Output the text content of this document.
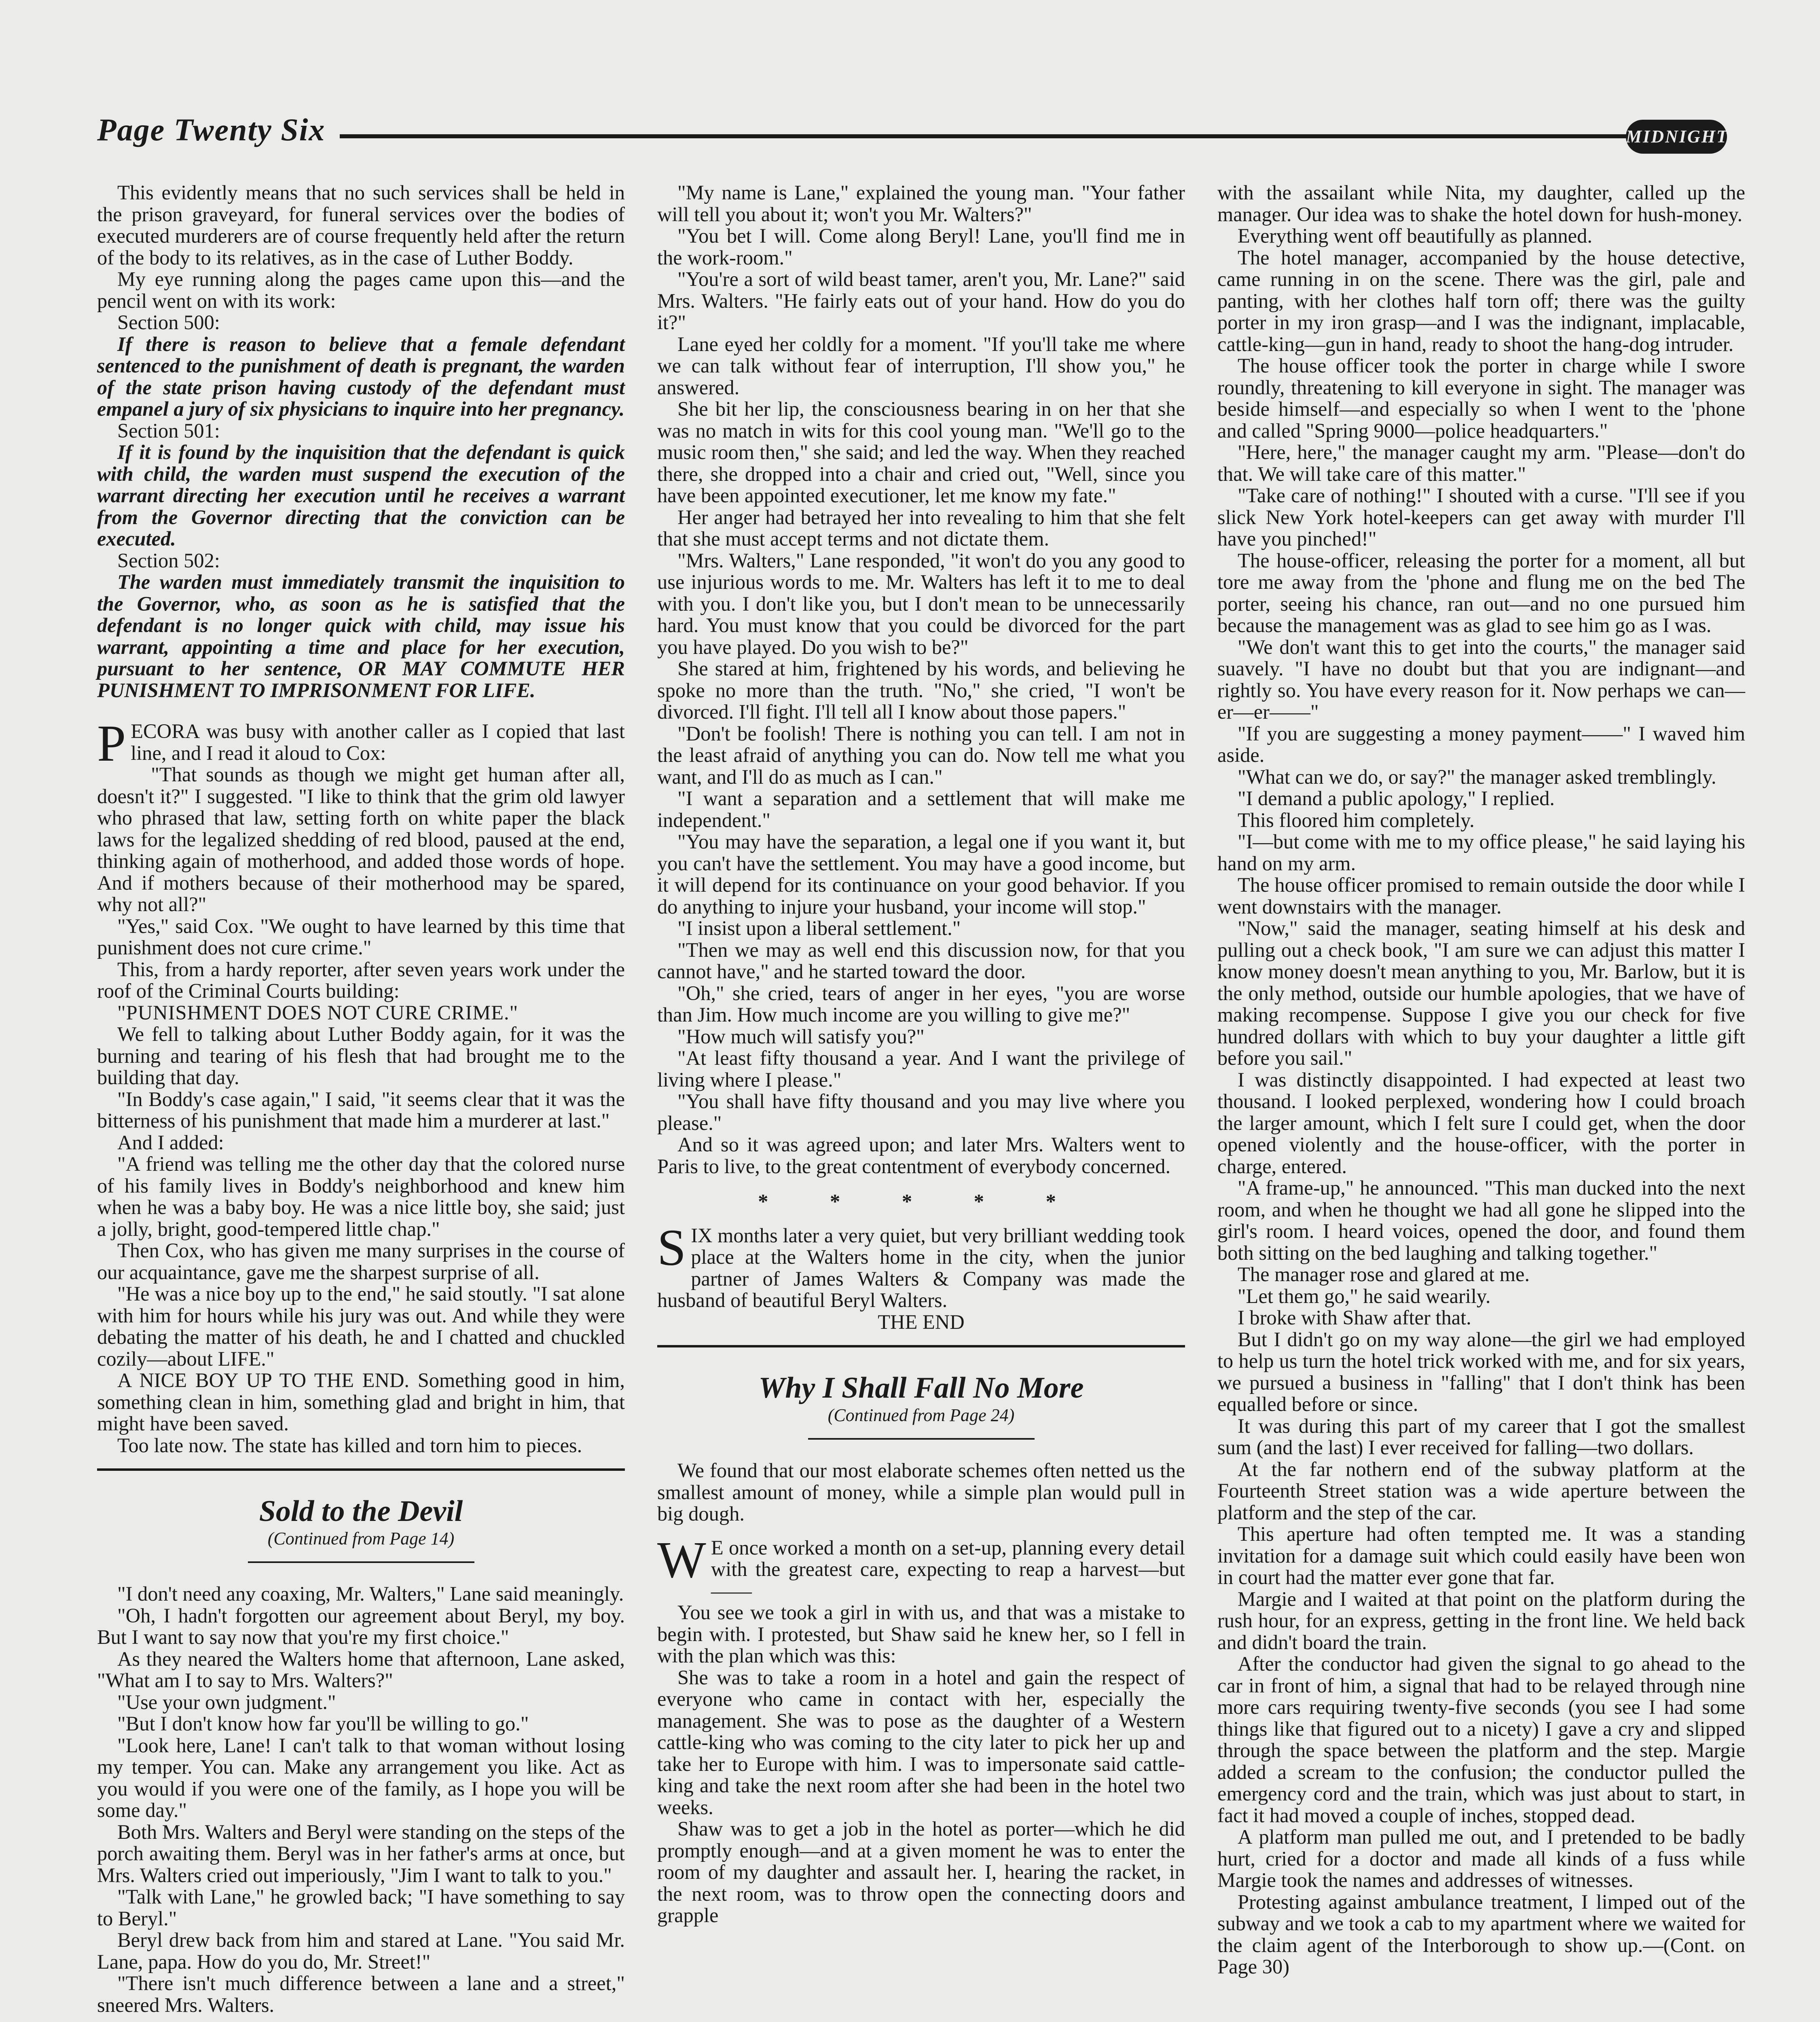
Page Twenty Six	MIDNIGHT

This evidently means that no such services shall be held in the prison graveyard, for funeral services over the bodies of executed murderers are of course frequently held after the return of the body to its relatives, as in the case of Luther Boddy.

My eye running along the pages came upon this—and the pencil went on with its work:

Section 500:

If there is reason to believe that a female defendant sentenced to the punishment of death is pregnant, the warden of the state prison having custody of the defendant must empanel a jury of six physicians to inquire into her pregnancy.

Section 501:

If it is found by the inquisition that the defendant is quick with child, the warden must suspend the execution of the warrant directing her execution until he receives a warrant from the Governor directing that the conviction can be executed.

Section 502:

The warden must immediately transmit the inquisition to the Governor, who, as soon as he is satisfied that the defendant is no longer quick with child, may issue his warrant, appointing a time and place for her execution, pursuant to her sentence, OR MAY COMMUTE HER PUNISHMENT TO IMPRISONMENT FOR LIFE.

PECORA was busy with another caller as I copied that last line, and I read it aloud to Cox:

"That sounds as though we might get human after all, doesn't it?" I suggested. "I like to think that the grim old lawyer who phrased that law, setting forth on white paper the black laws for the legalized shedding of red blood, paused at the end, thinking again of motherhood, and added those words of hope. And if mothers because of their motherhood may be spared, why not all?"

"Yes," said Cox. "We ought to have learned by this time that punishment does not cure crime."

This, from a hardy reporter, after seven years work under the roof of the Criminal Courts building:

"PUNISHMENT DOES NOT CURE CRIME."

We fell to talking about Luther Boddy again, for it was the burning and tearing of his flesh that had brought me to the building that day.

"In Boddy's case again," I said, "it seems clear that it was the bitterness of his punishment that made him a murderer at last."

And I added:

"A friend was telling me the other day that the colored nurse of his family lives in Boddy's neighborhood and knew him when he was a baby boy. He was a nice little boy, she said; just a jolly, bright, good-tempered little chap."

Then Cox, who has given me many surprises in the course of our acquaintance, gave me the sharpest surprise of all.

"He was a nice boy up to the end," he said stoutly. "I sat alone with him for hours while his jury was out. And while they were debating the matter of his death, he and I chatted and chuckled cozily—about LIFE."

A NICE BOY UP TO THE END. Something good in him, something clean in him, something glad and bright in him, that might have been saved.

Too late now. The state has killed and torn him to pieces.

Sold to the Devil
(Continued from Page 14)

"I don't need any coaxing, Mr. Walters," Lane said meaningly.

"Oh, I hadn't forgotten our agreement about Beryl, my boy. But I want to say now that you're my first choice."

As they neared the Walters home that afternoon, Lane asked, "What am I to say to Mrs. Walters?"

"Use your own judgment."

"But I don't know how far you'll be willing to go."

"Look here, Lane! I can't talk to that woman without losing my temper. You can. Make any arrangement you like. Act as you would if you were one of the family, as I hope you will be some day."

Both Mrs. Walters and Beryl were standing on the steps of the porch awaiting them. Beryl was in her father's arms at once, but Mrs. Walters cried out imperiously, "Jim I want to talk to you."

"Talk with Lane," he growled back; "I have something to say to Beryl."

Beryl drew back from him and stared at Lane. "You said Mr. Lane, papa. How do you do, Mr. Street!"

"There isn't much difference between a lane and a street," sneered Mrs. Walters.

"My name is Lane," explained the young man. "Your father will tell you about it; won't you Mr. Walters?"

"You bet I will. Come along Beryl! Lane, you'll find me in the work-room."

"You're a sort of wild beast tamer, aren't you, Mr. Lane?" said Mrs. Walters. "He fairly eats out of your hand. How do you do it?"

Lane eyed her coldly for a moment. "If you'll take me where we can talk without fear of interruption, I'll show you," he answered.

She bit her lip, the consciousness bearing in on her that she was no match in wits for this cool young man. "We'll go to the music room then," she said; and led the way. When they reached there, she dropped into a chair and cried out, "Well, since you have been appointed executioner, let me know my fate."

Her anger had betrayed her into revealing to him that she felt that she must accept terms and not dictate them.

"Mrs. Walters," Lane responded, "it won't do you any good to use injurious words to me. Mr. Walters has left it to me to deal with you. I don't like you, but I don't mean to be unnecessarily hard. You must know that you could be divorced for the part you have played. Do you wish to be?"

She stared at him, frightened by his words, and believing he spoke no more than the truth. "No," she cried, "I won't be divorced. I'll fight. I'll tell all I know about those papers."

"Don't be foolish! There is nothing you can tell. I am not in the least afraid of anything you can do. Now tell me what you want, and I'll do as much as I can."

"I want a separation and a settlement that will make me independent."

"You may have the separation, a legal one if you want it, but you can't have the settlement. You may have a good income, but it will depend for its continuance on your good behavior. If you do anything to injure your husband, your income will stop."

"I insist upon a liberal settlement."

"Then we may as well end this discussion now, for that you cannot have," and he started toward the door.

"Oh," she cried, tears of anger in her eyes, "you are worse than Jim. How much income are you willing to give me?"

"How much will satisfy you?"

"At least fifty thousand a year. And I want the privilege of living where I please."

"You shall have fifty thousand and you may live where you please."

And so it was agreed upon; and later Mrs. Walters went to Paris to live, to the great contentment of everybody concerned.

* * * * *

SIX months later a very quiet, but very brilliant wedding took place at the Walters home in the city, when the junior partner of James Walters & Company was made the husband of beautiful Beryl Walters.

THE END

Why I Shall Fall No More
(Continued from Page 24)

We found that our most elaborate schemes often netted us the smallest amount of money, while a simple plan would pull in big dough.

W E once worked a month on a set-up, planning every detail with the greatest care, expecting to reap a harvest—but——

You see we took a girl in with us, and that was a mistake to begin with. I protested, but Shaw said he knew her, so I fell in with the plan which was this:

She was to take a room in a hotel and gain the respect of everyone who came in contact with her, especially the management. She was to pose as the daughter of a Western cattle-king who was coming to the city later to pick her up and take her to Europe with him. I was to impersonate said cattle-king and take the next room after she had been in the hotel two weeks.

Shaw was to get a job in the hotel as porter—which he did promptly enough—and at a given moment he was to enter the room of my daughter and assault her. I, hearing the racket, in the next room, was to throw open the connecting doors and grapple

with the assailant while Nita, my daughter, called up the manager. Our idea was to shake the hotel down for hush-money.

Everything went off beautifully as planned.

The hotel manager, accompanied by the house detective, came running in on the scene. There was the girl, pale and panting, with her clothes half torn off; there was the guilty porter in my iron grasp—and I was the indignant, implacable, cattle-king—gun in hand, ready to shoot the hang-dog intruder.

The house officer took the porter in charge while I swore roundly, threatening to kill everyone in sight. The manager was beside himself—and especially so when I went to the 'phone and called "Spring 9000—police headquarters."

"Here, here," the manager caught my arm. "Please—don't do that. We will take care of this matter."

"Take care of nothing!" I shouted with a curse. "I'll see if you slick New York hotel-keepers can get away with murder I'll have you pinched!"

The house-officer, releasing the porter for a moment, all but tore me away from the 'phone and flung me on the bed The porter, seeing his chance, ran out—and no one pursued him because the management was as glad to see him go as I was.

"We don't want this to get into the courts," the manager said suavely. "I have no doubt but that you are indignant—and rightly so. You have every reason for it. Now perhaps we can—er—er——"

"If you are suggesting a money payment——" I waved him aside.

"What can we do, or say?" the manager asked tremblingly.

"I demand a public apology," I replied.

This floored him completely.

"I—but come with me to my office please," he said laying his hand on my arm.

The house officer promised to remain outside the door while I went downstairs with the manager.

"Now," said the manager, seating himself at his desk and pulling out a check book, "I am sure we can adjust this matter I know money doesn't mean anything to you, Mr. Barlow, but it is the only method, outside our humble apologies, that we have of making recompense. Suppose I give you our check for five hundred dollars with which to buy your daughter a little gift before you sail."

I was distinctly disappointed. I had expected at least two thousand. I looked perplexed, wondering how I could broach the larger amount, which I felt sure I could get, when the door opened violently and the house-officer, with the porter in charge, entered.

"A frame-up," he announced. "This man ducked into the next room, and when he thought we had all gone he slipped into the girl's room. I heard voices, opened the door, and found them both sitting on the bed laughing and talking together."

The manager rose and glared at me.

"Let them go," he said wearily.

I broke with Shaw after that.

But I didn't go on my way alone—the girl we had employed to help us turn the hotel trick worked with me, and for six years, we pursued a business in "falling" that I don't think has been equalled before or since.

It was during this part of my career that I got the smallest sum (and the last) I ever received for falling—two dollars.

At the far nothern end of the subway platform at the Fourteenth Street station was a wide aperture between the platform and the step of the car.

This aperture had often tempted me. It was a standing invitation for a damage suit which could easily have been won in court had the matter ever gone that far.

Margie and I waited at that point on the platform during the rush hour, for an express, getting in the front line. We held back and didn't board the train.

After the conductor had given the signal to go ahead to the car in front of him, a signal that had to be relayed through nine more cars requiring twenty-five seconds (you see I had some things like that figured out to a nicety) I gave a cry and slipped through the space between the platform and the step. Margie added a scream to the confusion; the conductor pulled the emergency cord and the train, which was just about to start, in fact it had moved a couple of inches, stopped dead.

A platform man pulled me out, and I pretended to be badly hurt, cried for a doctor and made all kinds of a fuss while Margie took the names and addresses of witnesses.

Protesting against ambulance treatment, I limped out of the subway and we took a cab to my apartment where we waited for the claim agent of the Interborough to show up.—(Cont. on Page 30)
